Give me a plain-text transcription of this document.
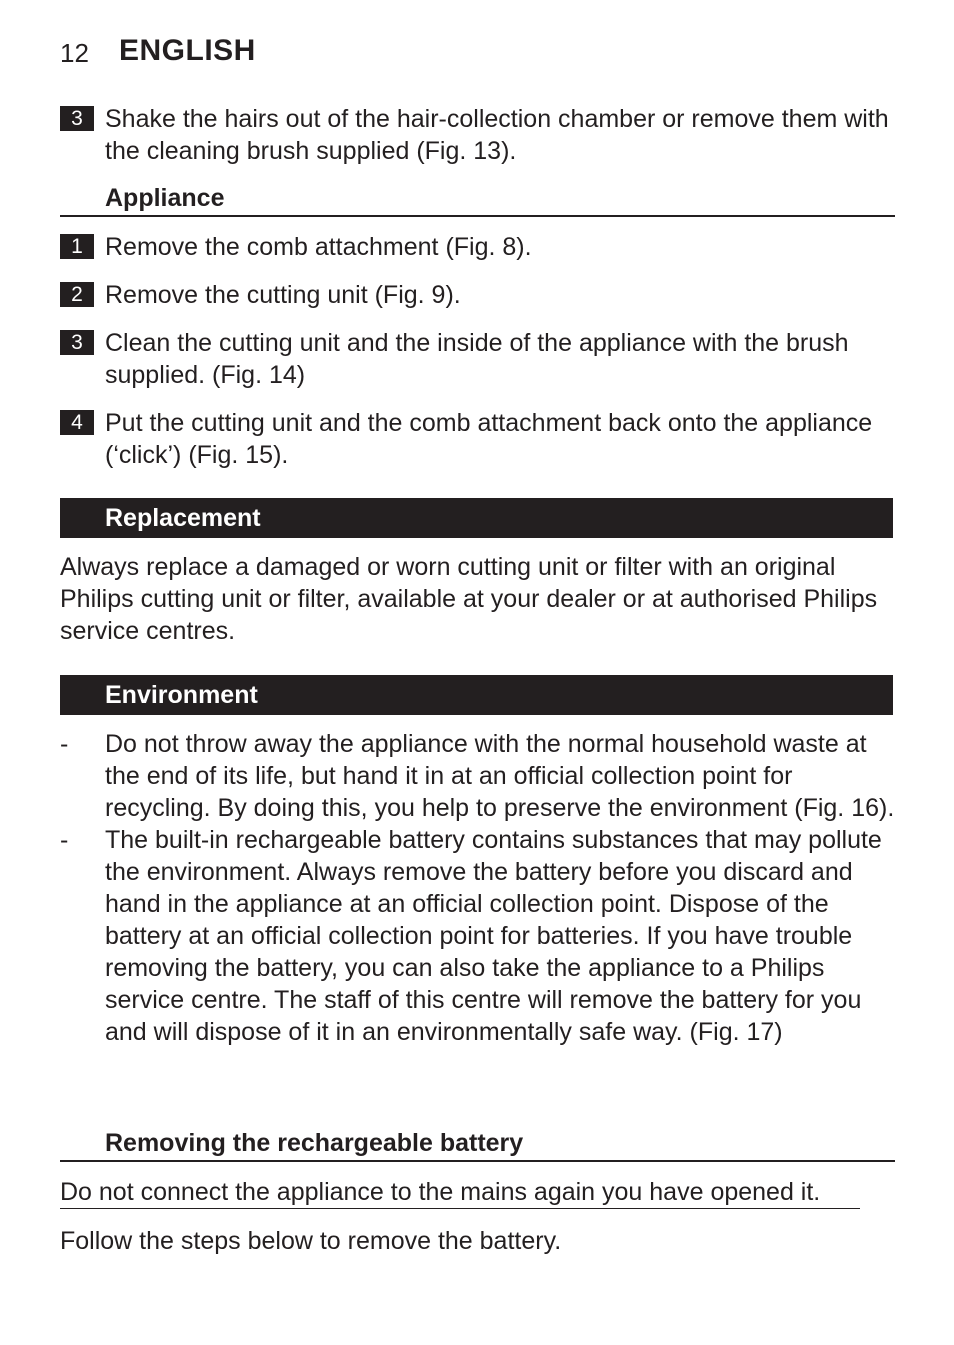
12 ENGLISH
3 Shake the hairs out of the hair-collection chamber or remove them with the cleaning brush supplied (Fig. 13).
Appliance
1 Remove the comb attachment (Fig. 8).
2 Remove the cutting unit (Fig. 9).
3 Clean the cutting unit and the inside of the appliance with the brush supplied. (Fig. 14)
4 Put the cutting unit and the comb attachment back onto the appliance (‘click’) (Fig. 15).
Replacement
Always replace a damaged or worn cutting unit or filter with an original Philips cutting unit or filter, available at your dealer or at authorised Philips service centres.
Environment
- Do not throw away the appliance with the normal household waste at the end of its life, but hand it in at an official collection point for recycling. By doing this, you help to preserve the environment (Fig. 16).
- The built-in rechargeable battery contains substances that may pollute the environment. Always remove the battery before you discard and hand in the appliance at an official collection point. Dispose of the battery at an official collection point for batteries. If you have trouble removing the battery, you can also take the appliance to a Philips service centre. The staff of this centre will remove the battery for you and will dispose of it in an environmentally safe way. (Fig. 17)
Removing the rechargeable battery
Do not connect the appliance to the mains again you have opened it.
Follow the steps below to remove the battery.
